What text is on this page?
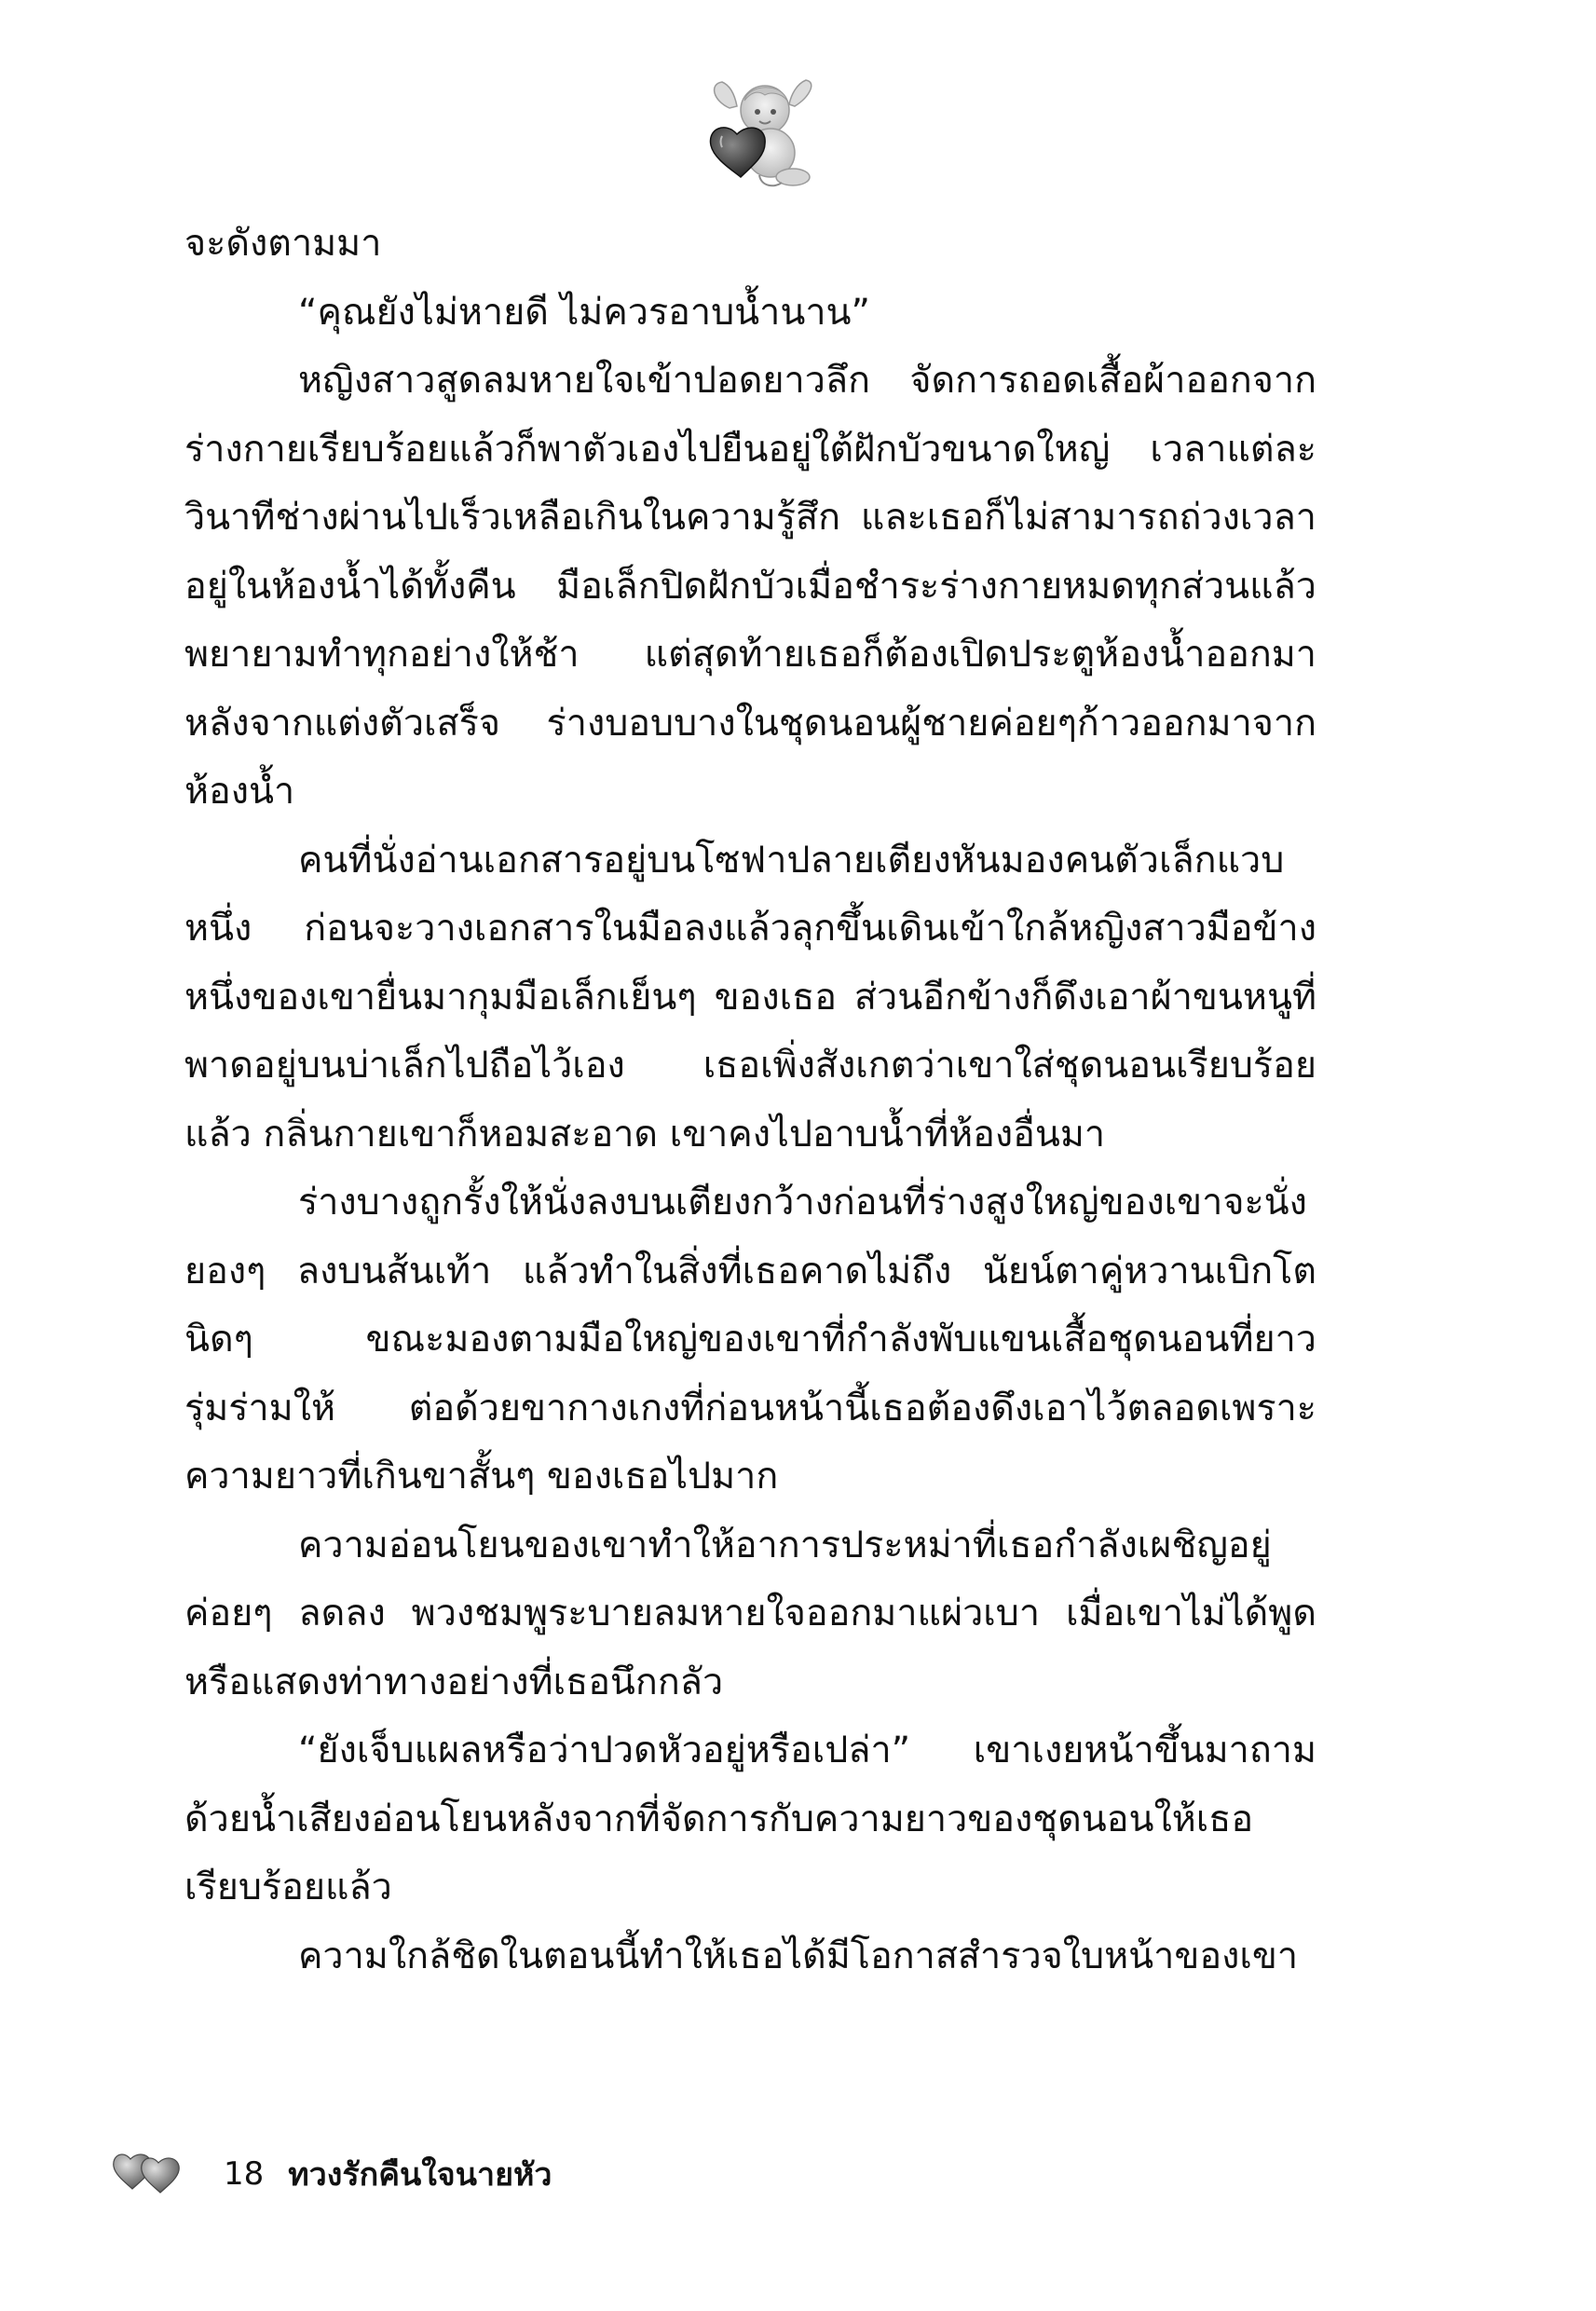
จะดังตามมา

“คุณยังไม่หายดี ไม่ควรอาบน้ำนาน”

หญิงสาวสูดลมหายใจเข้าปอดยาวลึก จัดการถอดเสื้อผ้าออกจากร่างกายเรียบร้อยแล้วก็พาตัวเองไปยืนอยู่ใต้ฝักบัวขนาดใหญ่ เวลาแต่ละวินาทีช่างผ่านไปเร็วเหลือเกินในความรู้สึก และเธอก็ไม่สามารถถ่วงเวลาอยู่ในห้องน้ำได้ทั้งคืน มือเล็กปิดฝักบัวเมื่อชำระร่างกายหมดทุกส่วนแล้ว พยายามทำทุกอย่างให้ช้า แต่สุดท้ายเธอก็ต้องเปิดประตูห้องน้ำออกมาหลังจากแต่งตัวเสร็จ ร่างบอบบางในชุดนอนผู้ชายค่อยๆก้าวออกมาจากห้องน้ำ

คนที่นั่งอ่านเอกสารอยู่บนโซฟาปลายเตียงหันมองคนตัวเล็กแวบหนึ่ง ก่อนจะวางเอกสารในมือลงแล้วลุกขึ้นเดินเข้าใกล้หญิงสาวมือข้างหนึ่งของเขายื่นมากุมมือเล็กเย็นๆ ของเธอ ส่วนอีกข้างก็ดึงเอาผ้าขนหนูที่พาดอยู่บนบ่าเล็กไปถือไว้เอง เธอเพิ่งสังเกตว่าเขาใส่ชุดนอนเรียบร้อยแล้ว กลิ่นกายเขาก็หอมสะอาด เขาคงไปอาบน้ำที่ห้องอื่นมา

ร่างบางถูกรั้งให้นั่งลงบนเตียงกว้างก่อนที่ร่างสูงใหญ่ของเขาจะนั่งยองๆ ลงบนส้นเท้า แล้วทำในสิ่งที่เธอคาดไม่ถึง นัยน์ตาคู่หวานเบิกโตนิดๆ ขณะมองตามมือใหญ่ของเขาที่กำลังพับแขนเสื้อชุดนอนที่ยาวรุ่มร่ามให้ ต่อด้วยขากางเกงที่ก่อนหน้านี้เธอต้องดึงเอาไว้ตลอดเพราะความยาวที่เกินขาสั้นๆ ของเธอไปมาก

ความอ่อนโยนของเขาทำให้อาการประหม่าที่เธอกำลังเผชิญอยู่ค่อยๆ ลดลง พวงชมพูระบายลมหายใจออกมาแผ่วเบา เมื่อเขาไม่ได้พูดหรือแสดงท่าทางอย่างที่เธอนึกกลัว

“ยังเจ็บแผลหรือว่าปวดหัวอยู่หรือเปล่า” เขาเงยหน้าขึ้นมาถามด้วยน้ำเสียงอ่อนโยนหลังจากที่จัดการกับความยาวของชุดนอนให้เธอเรียบร้อยแล้ว

ความใกล้ชิดในตอนนี้ทำให้เธอได้มีโอกาสสำรวจใบหน้าของเขา

18 ทวงรักคืนใจนายหัว
